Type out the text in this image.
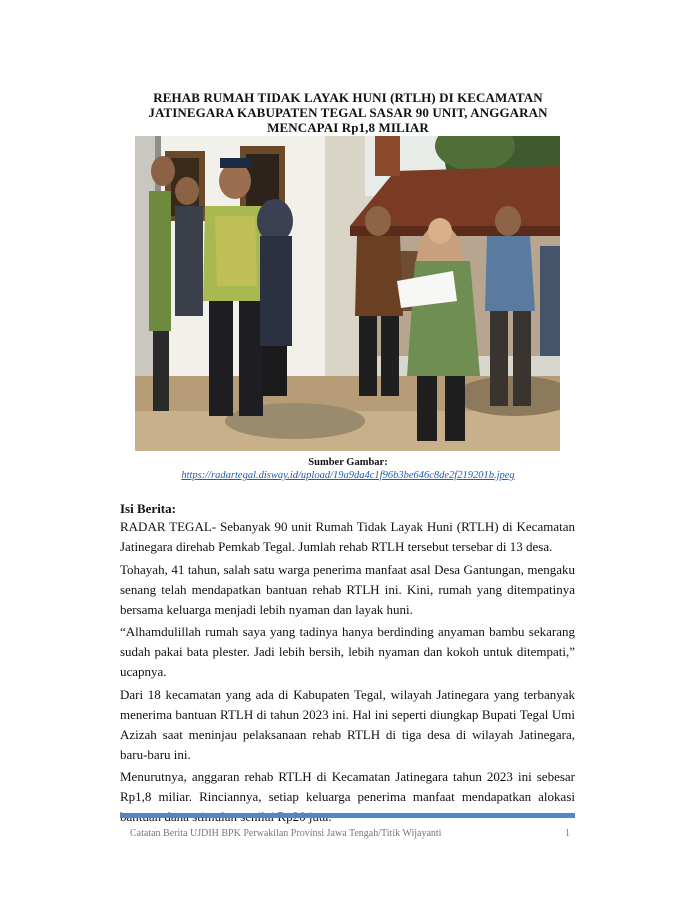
REHAB RUMAH TIDAK LAYAK HUNI (RTLH) DI KECAMATAN JATINEGARA KABUPATEN TEGAL SASAR 90 UNIT, ANGGARAN MENCAPAI Rp1,8 MILIAR
Sumber Gambar:
https://radartegal.disway.id/upload/19a9da4c1f96b3be646c8de2f219201b.jpeg
Isi Berita:

RADAR TEGAL- Sebanyak 90 unit Rumah Tidak Layak Huni (RTLH) di Kecamatan Jatinegara direhab Pemkab Tegal. Jumlah rehab RTLH tersebut tersebar di 13 desa.

Tohayah, 41 tahun, salah satu warga penerima manfaat asal Desa Gantungan, mengaku senang telah mendapatkan bantuan rehab RTLH ini. Kini, rumah yang ditempatinya bersama keluarga menjadi lebih nyaman dan layak huni.

“Alhamdulillah rumah saya yang tadinya hanya berdinding anyaman bambu sekarang sudah pakai bata plester. Jadi lebih bersih, lebih nyaman dan kokoh untuk ditempati,” ucapnya.

Dari 18 kecamatan yang ada di Kabupaten Tegal, wilayah Jatinegara yang terbanyak menerima bantuan RTLH di tahun 2023 ini. Hal ini seperti diungkap Bupati Tegal Umi Azizah saat meninjau pelaksanaan rehab RTLH di tiga desa di wilayah Jatinegara, baru-baru ini.

Menurutnya, anggaran rehab RTLH di Kecamatan Jatinegara tahun 2023 ini sebesar Rp1,8 miliar. Rinciannya, setiap keluarga penerima manfaat mendapatkan alokasi

Catatan Berita UJDIH BPK Perwakilan Provinsi Jawa Tengah/Titik Wijayanti	1
